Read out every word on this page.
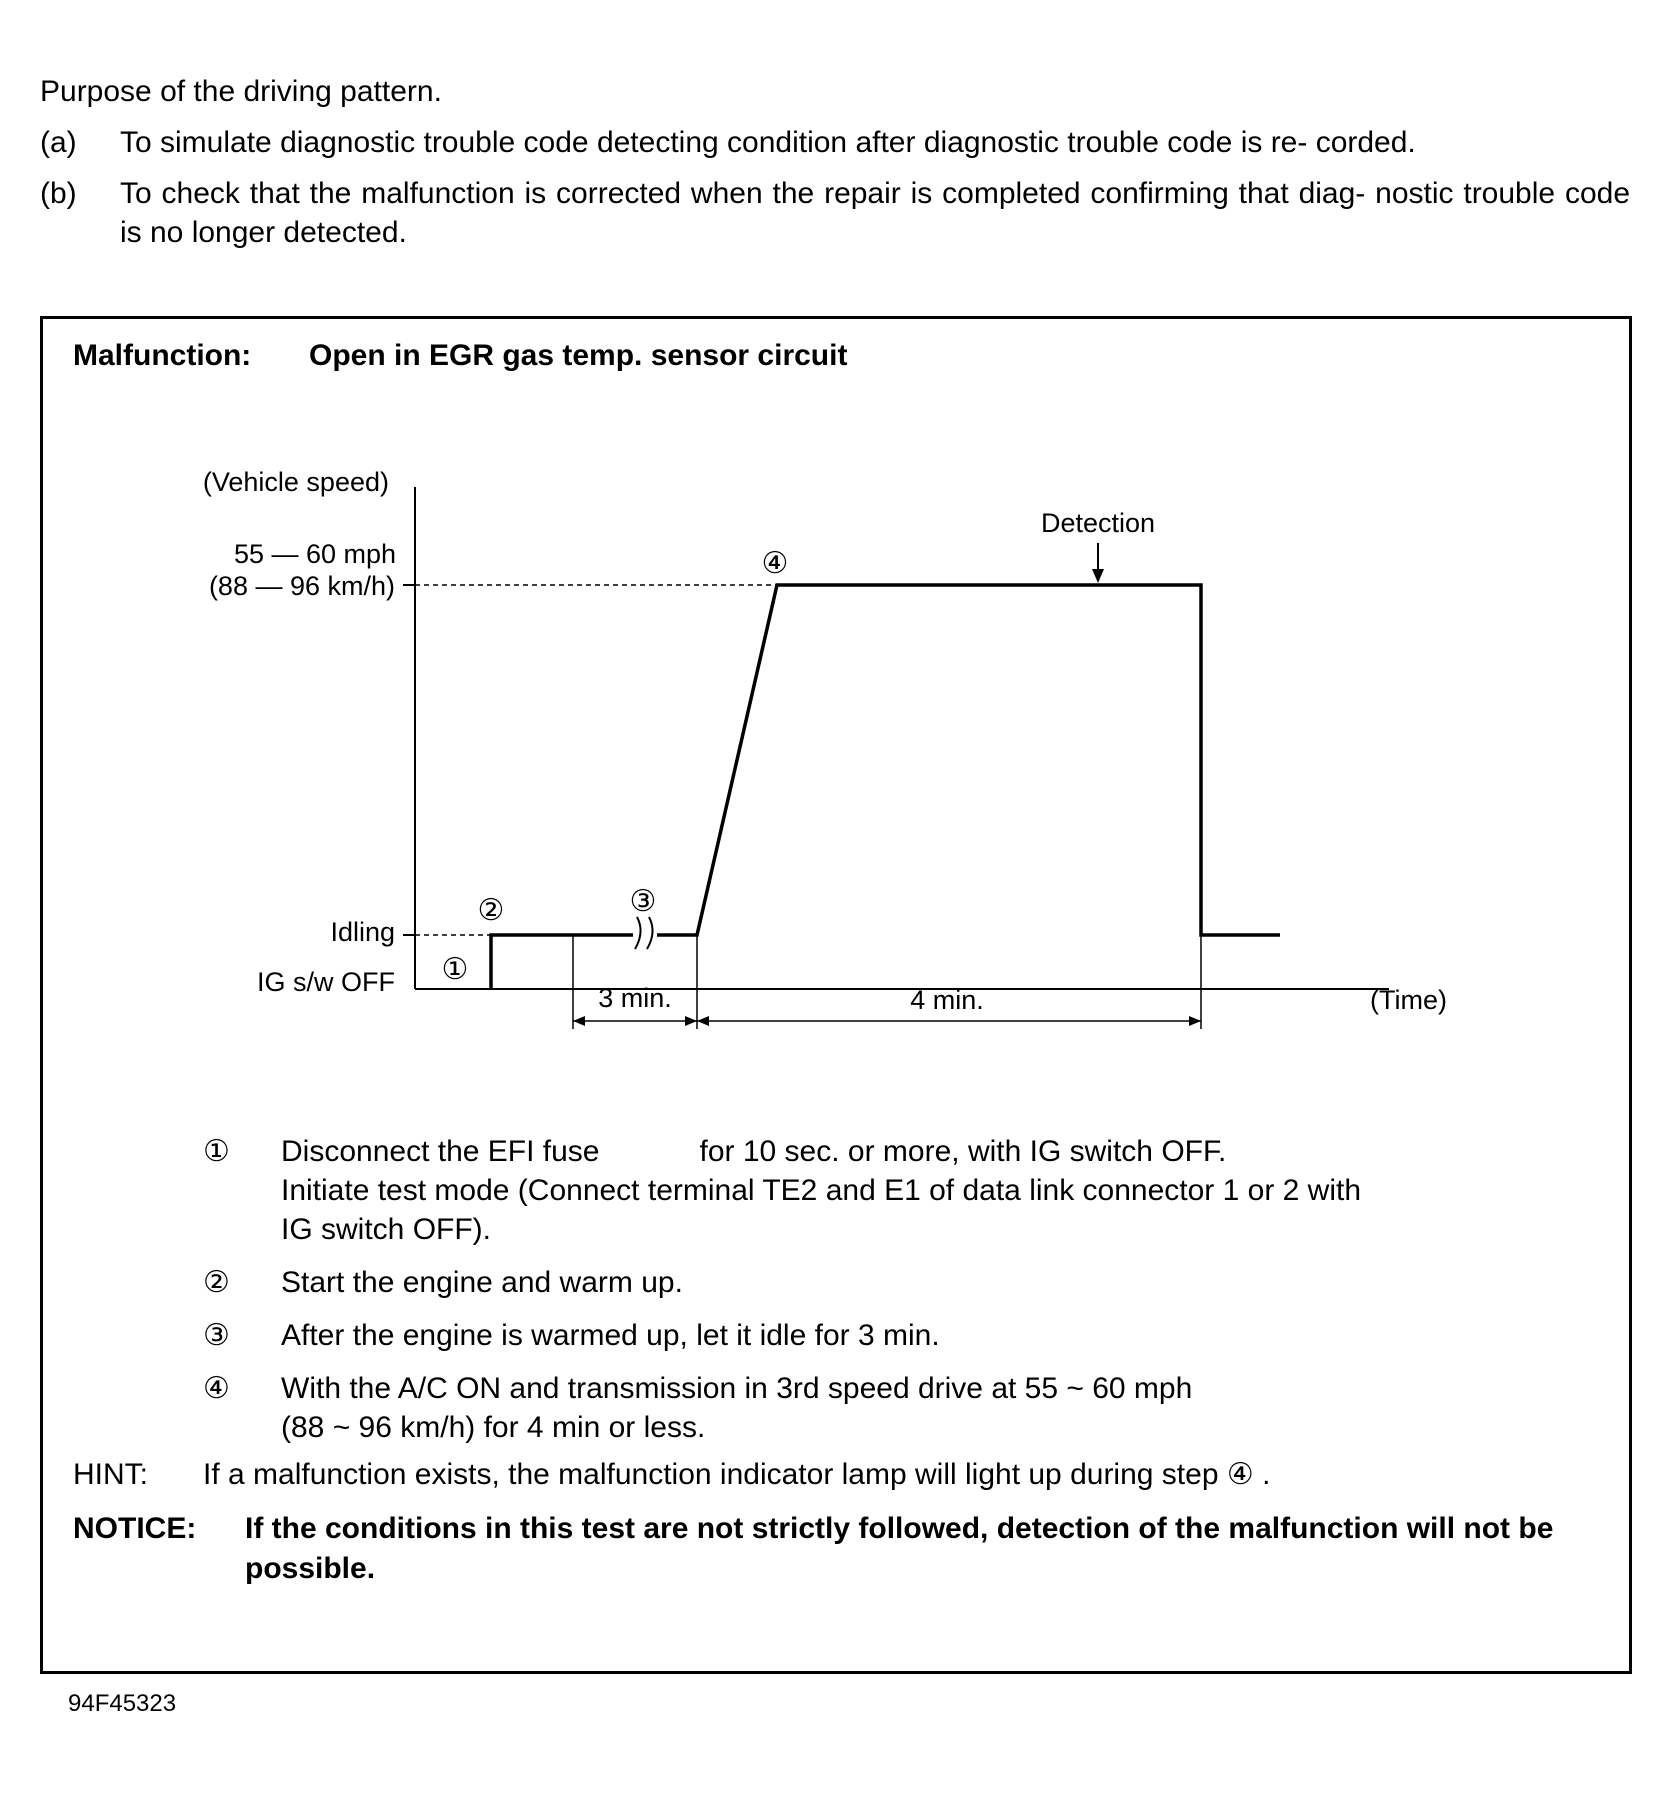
Purpose of the driving pattern.
(a)	To simulate diagnostic trouble code detecting condition after diagnostic trouble code is re- corded.
(b)	To check that the malfunction is corrected when the repair is completed confirming that diag- nostic trouble code is no longer detected.
Malfunction: Open in EGR gas temp. sensor circuit
(Vehicle speed)
(Time)
55 — 60 mph
(88 — 96 km/h)
Idling
IG s/w OFF ①
②	③
④
Detection
3 min.	4 min.
①	Disconnect the EFI fuse            for 10 sec. or more, with IG switch OFF.
Initiate test mode (Connect terminal TE2 and E1 of data link connector 1 or 2 with
IG switch OFF).
②	Start the engine and warm up.
③	After the engine is warmed up, let it idle for 3 min.
④	With the A/C ON and transmission in 3rd speed drive at 55 ~ 60 mph
(88 ~ 96 km/h) for 4 min or less.
HINT: If a malfunction exists, the malfunction indicator lamp will light up during step ④ .
NOTICE:	If the conditions in this test are not strictly followed, detection of the malfunction will not be possible.
94F45323
